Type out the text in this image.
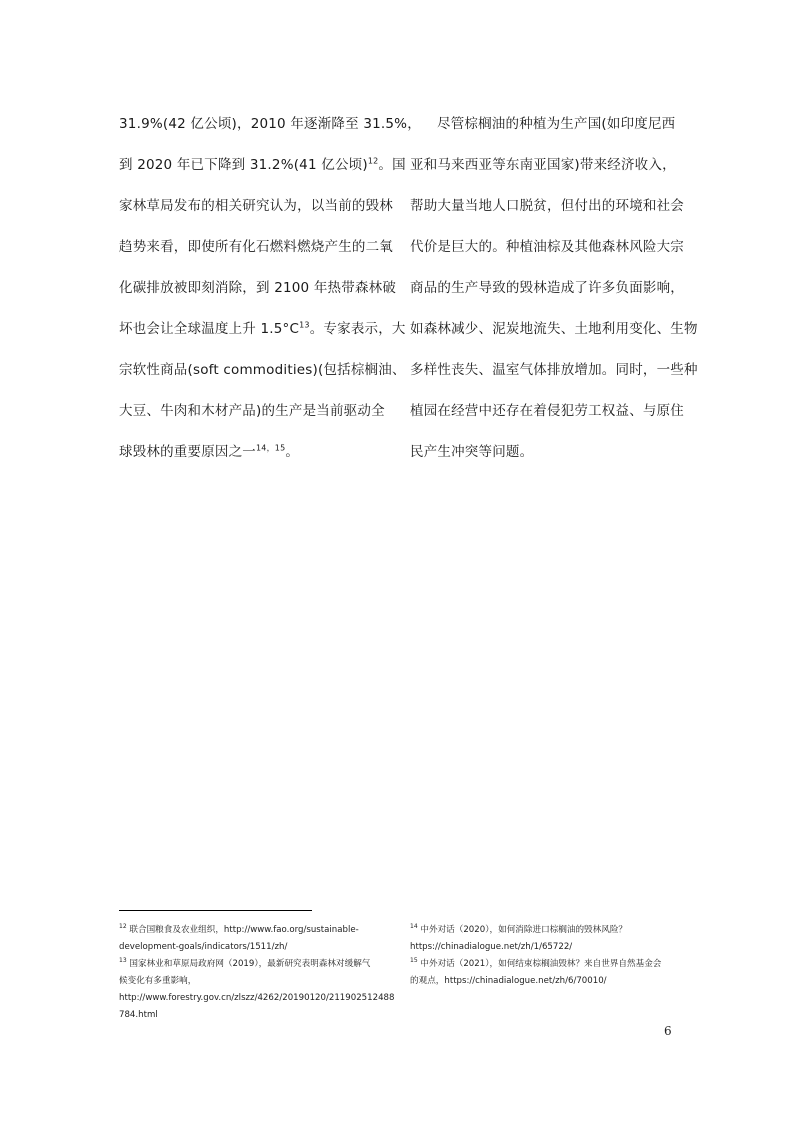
31.9%(42 亿公顷)，2010 年逐渐降至 31.5%，
到 2020 年已下降到 31.2%(41 亿公顷)$^{12}$。国
家林草局发布的相关研究认为，以当前的毁林
趋势来看，即使所有化石燃料燃烧产生的二氧
化碳排放被即刻消除，到 2100 年热带森林破
坏也会让全球温度上升 $1.5^\circ C^{13}$。专家表示，大
宗软性商品(soft commodities)(包括棕榈油、
大豆、牛肉和木材产品)的生产是当前驱动全
球毁林的重要原因之一$^{14,15}$。
尽管棕榈油的种植为生产国(如印度尼西
亚和马来西亚等东南亚国家)带来经济收入，
帮助大量当地人口脱贫，但付出的环境和社会
代价是巨大的。种植油棕及其他森林风险大宗
商品的生产导致的毁林造成了许多负面影响，
如森林减少、泥炭地流失、土地利用变化、生物
多样性丧失、温室气体排放增加。同时，一些种
植园在经营中还存在着侵犯劳工权益、与原住
民产生冲突等问题。
$^{12}$ 联合国粮食及农业组织，http://www.fao.org/sustainable-
development-goals/indicators/1511/zh/
$^{13}$ 国家林业和草原局政府网（2019），最新研究表明森林对缓解气
候变化有多重影响，
http://www.forestry.gov.cn/zlszz/4262/20190120/211902512488
784.html
$^{14}$ 中外对话（2020），如何消除进口棕榈油的毁林风险？
https://chinadialogue.net/zh/1/65722/
$^{15}$ 中外对话（2021），如何结束棕榈油毁林？来自世界自然基金会
的观点，https://chinadialogue.net/zh/6/70010/
6
